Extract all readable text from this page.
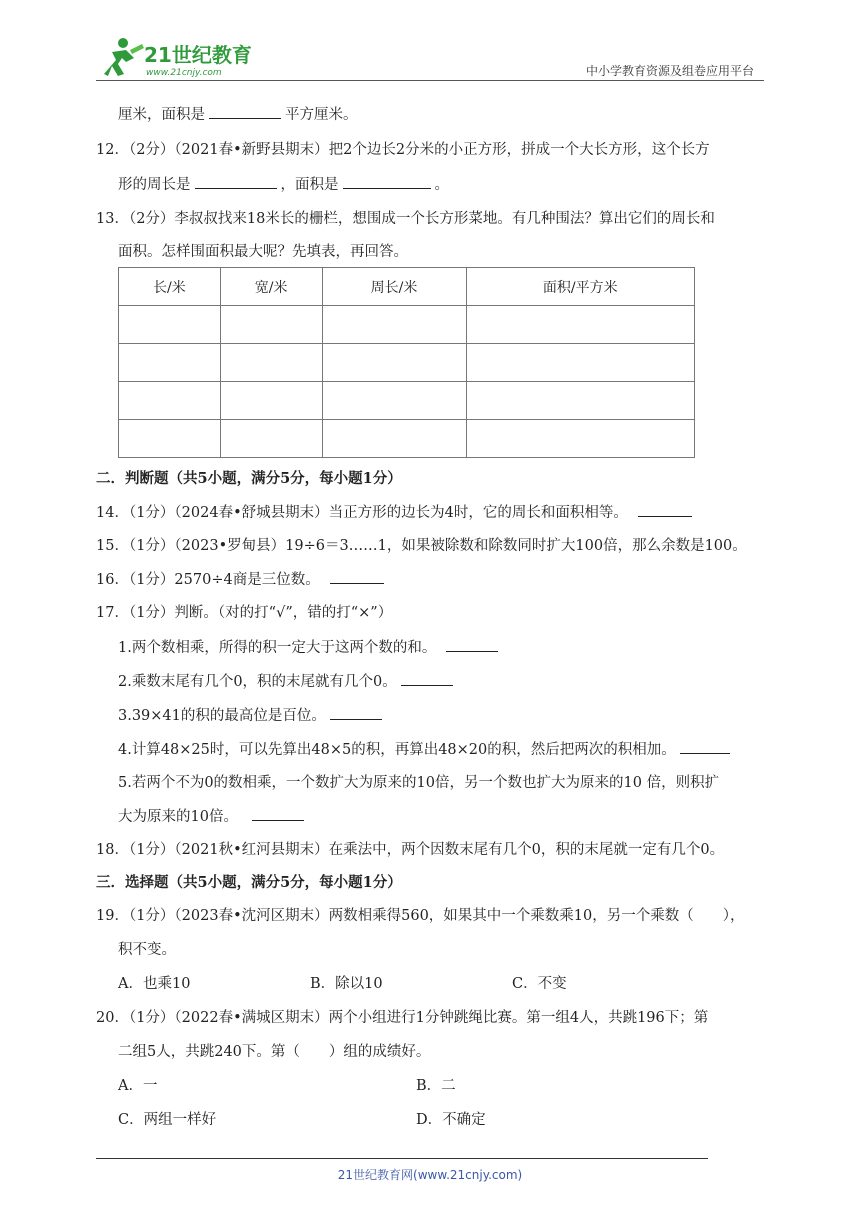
21世纪教育
www.21cnjy.com	中小学教育资源及组卷应用平台
厘米，面积是	平方厘米。
12．（2分）（2021春•新野县期末）把2个边长2分米的小正方形，拼成一个大长方形，这个长方
形的周长是	，面积是	。
13．（2分）李叔叔找来18米长的栅栏，想围成一个长方形菜地。有几种围法？算出它们的周长和
面积。怎样围面积最大呢？先填表，再回答。
长/米	宽/米	周长/米	面积/平方米

二．判断题（共5小题，满分5分，每小题1分）
14．（1分）（2024春•舒城县期末）当正方形的边长为4时，它的周长和面积相等。
15．（1分）（2023•罗甸县）19÷6＝3……1，如果被除数和除数同时扩大100倍，那么余数是100。
16．（1分）2570÷4商是三位数。
17．（1分）判断。（对的打“√”，错的打“×”）
1.两个数相乘，所得的积一定大于这两个数的和。
2.乘数末尾有几个0，积的末尾就有几个0。
3.39×41的积的最高位是百位。
4.计算48×25时，可以先算出48×5的积，再算出48×20的积，然后把两次的积相加。
5.若两个不为0的数相乘，一个数扩大为原来的10倍，另一个数也扩大为原来的10 倍，则积扩
大为原来的10倍。
18．（1分）（2021秋•红河县期末）在乘法中，两个因数末尾有几个0，积的末尾就一定有几个0。
三．选择题（共5小题，满分5分，每小题1分）
19．（1分）（2023春•沈河区期末）两数相乘得560，如果其中一个乘数乘10，另一个乘数（　　），
积不变。
A．也乘10	B．除以10	C．不变
20．（1分）（2022春•满城区期末）两个小组进行1分钟跳绳比赛。第一组4人，共跳196下；第
二组5人，共跳240下。第（　　）组的成绩好。
A．一	B．二
C．两组一样好	D．不确定
21世纪教育网(www.21cnjy.com)
